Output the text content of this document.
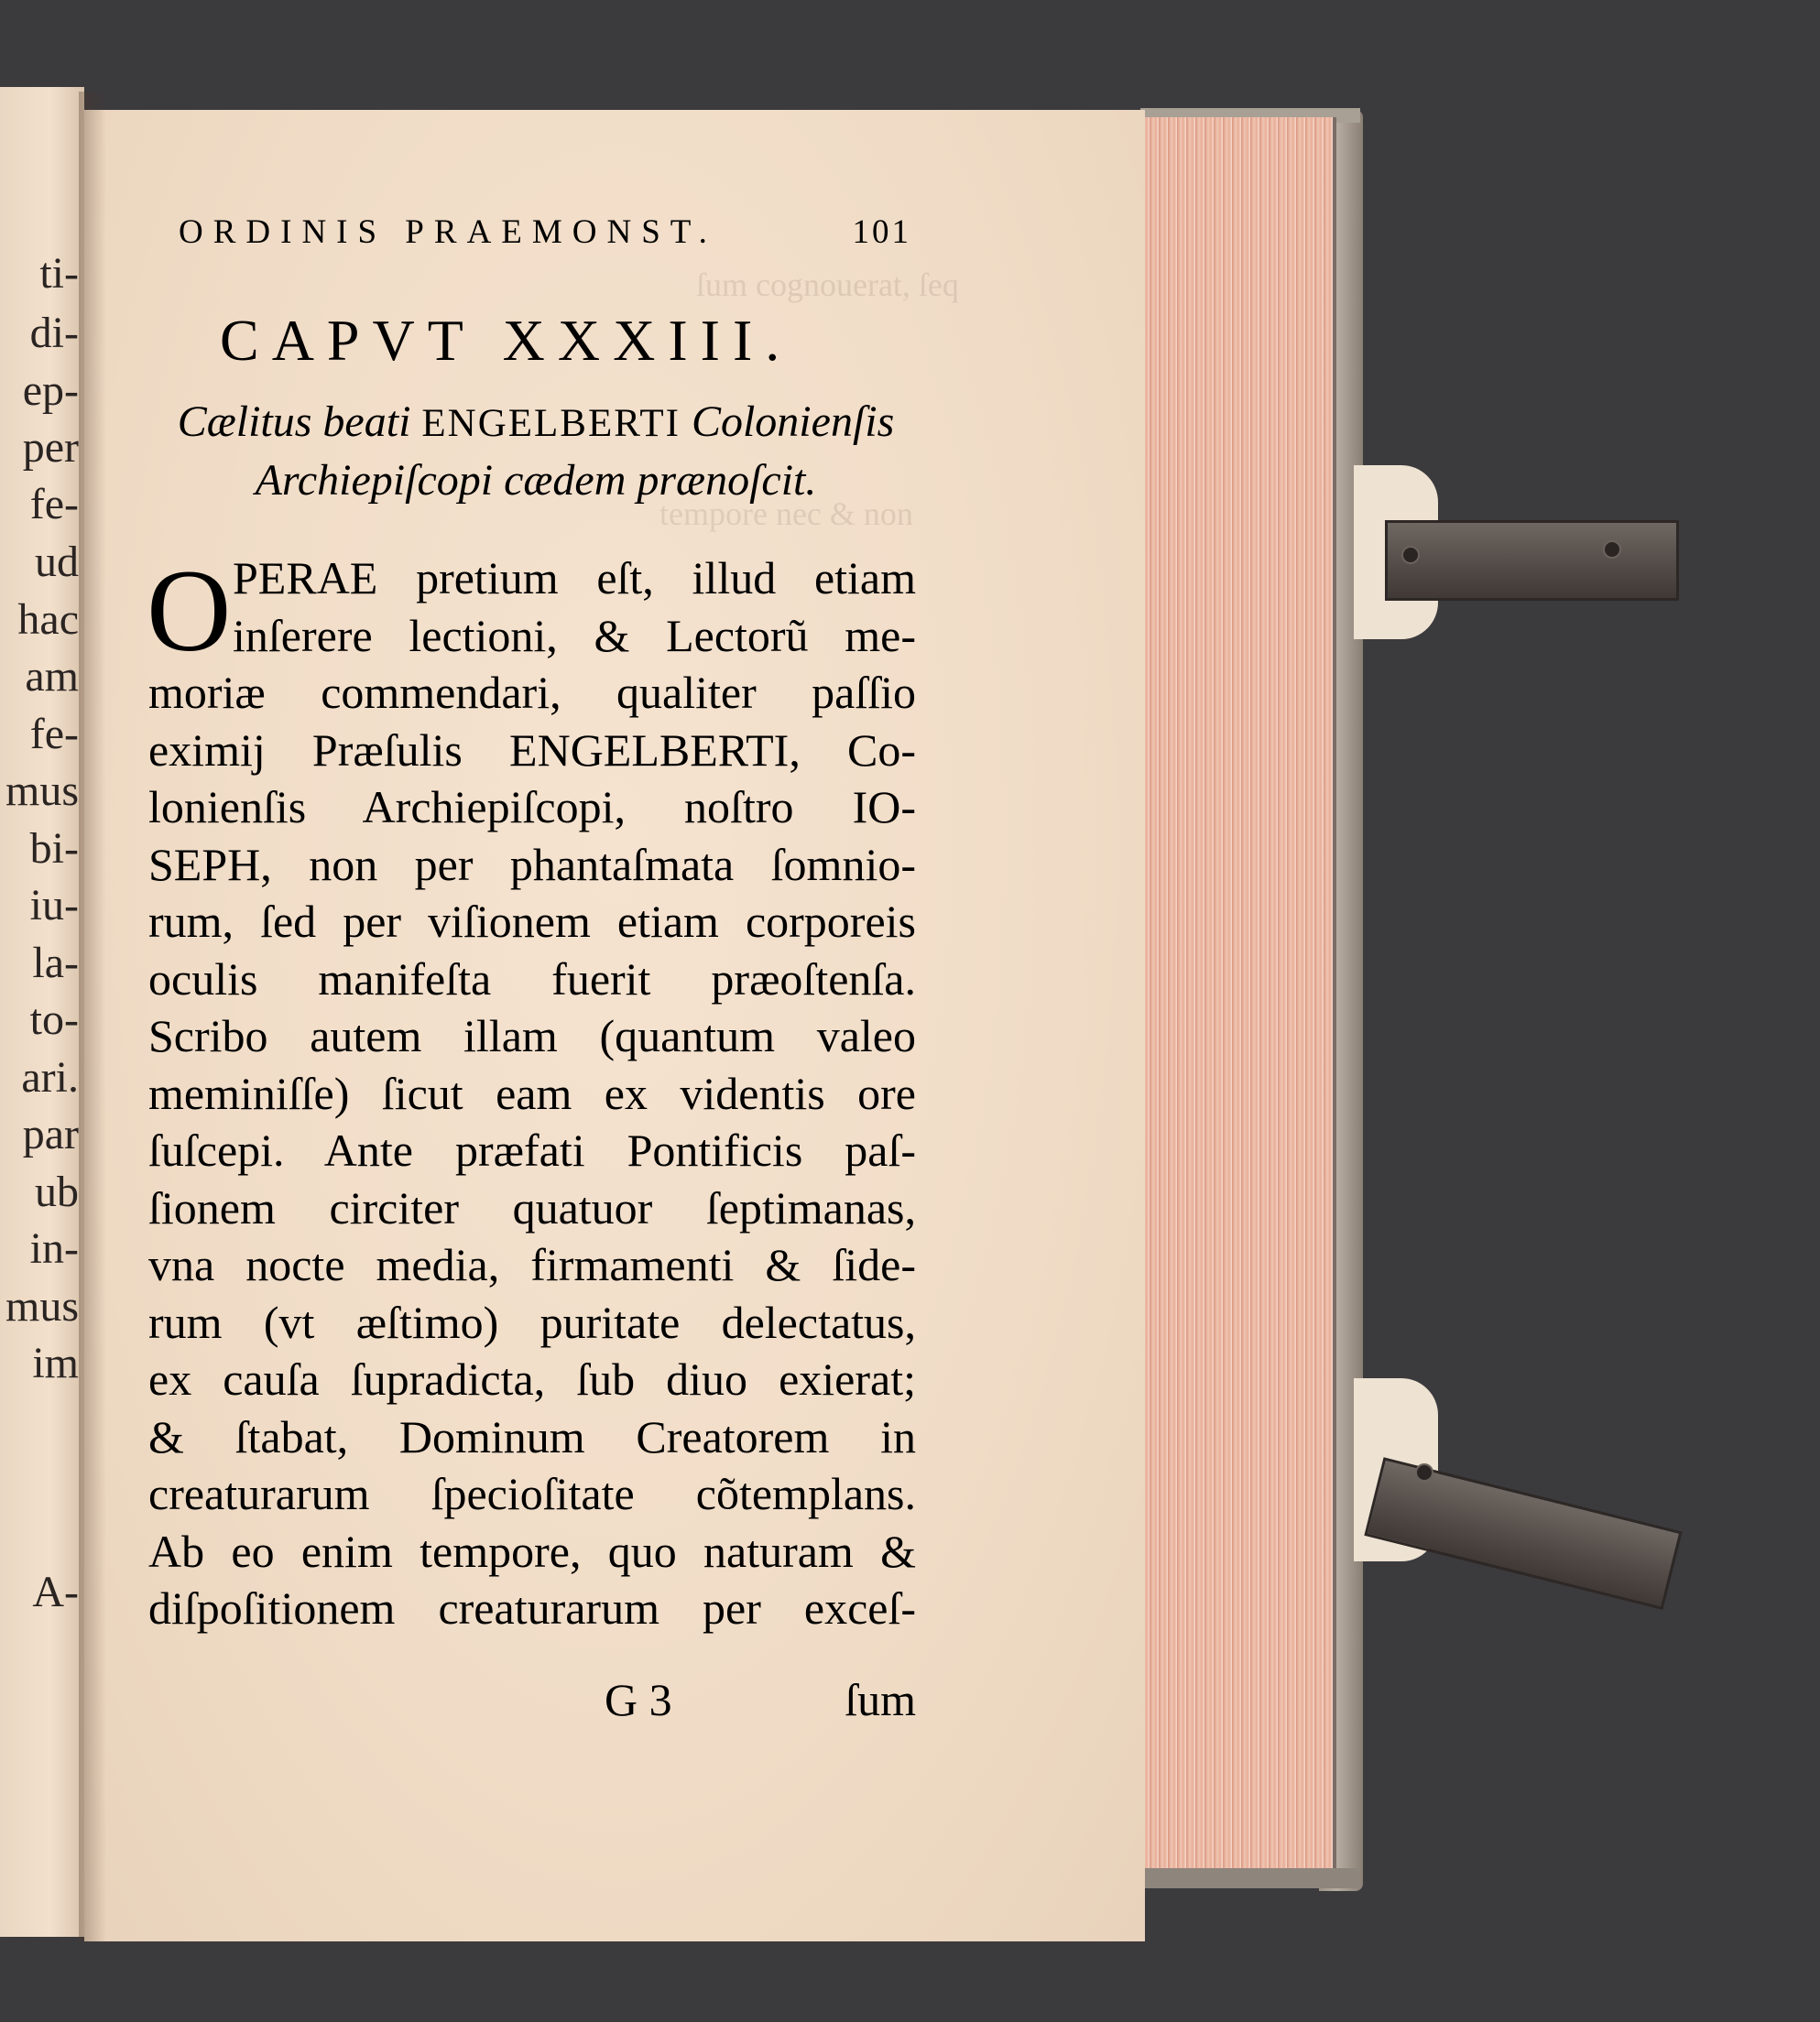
ti-
di-
ep-
per
fe-
ud
hac
am
fe-
mus
bi-
iu-
la-
to-
ari.
par
ub
in-
mus
im
A-
ſum cognouerat, ſeq
tempore nec & non
ORDINIS PRAEMONST.	101
CAPVT XXXIII.
Cælitus beati ENGELBERTI Colonienſis
Archiepiſcopi cædem prænoſcit.
O PERAE pretium eſt, illud etiam
inſerere lectioni, & Lectorũ me-
moriæ commendari, qualiter paſſio
eximij Præſulis ENGELBERTI, Co-
lonienſis Archiepiſcopi, noſtro IO-
SEPH, non per phantaſmata ſomnio-
rum, ſed per viſionem etiam corporeis
oculis manifeſta fuerit præoſtenſa.
Scribo autem illam (quantum valeo
meminiſſe) ſicut eam ex videntis ore
ſuſcepi. Ante præfati Pontificis paſ-
ſionem circiter quatuor ſeptimanas,
vna nocte media, firmamenti & ſide-
rum (vt æſtimo) puritate delectatus,
ex cauſa ſupradicta, ſub diuo exierat;
& ſtabat, Dominum Creatorem in
creaturarum ſpecioſitate cõtemplans.
Ab eo enim tempore, quo naturam &
diſpoſitionem creaturarum per exceſ-
G 3	ſum
